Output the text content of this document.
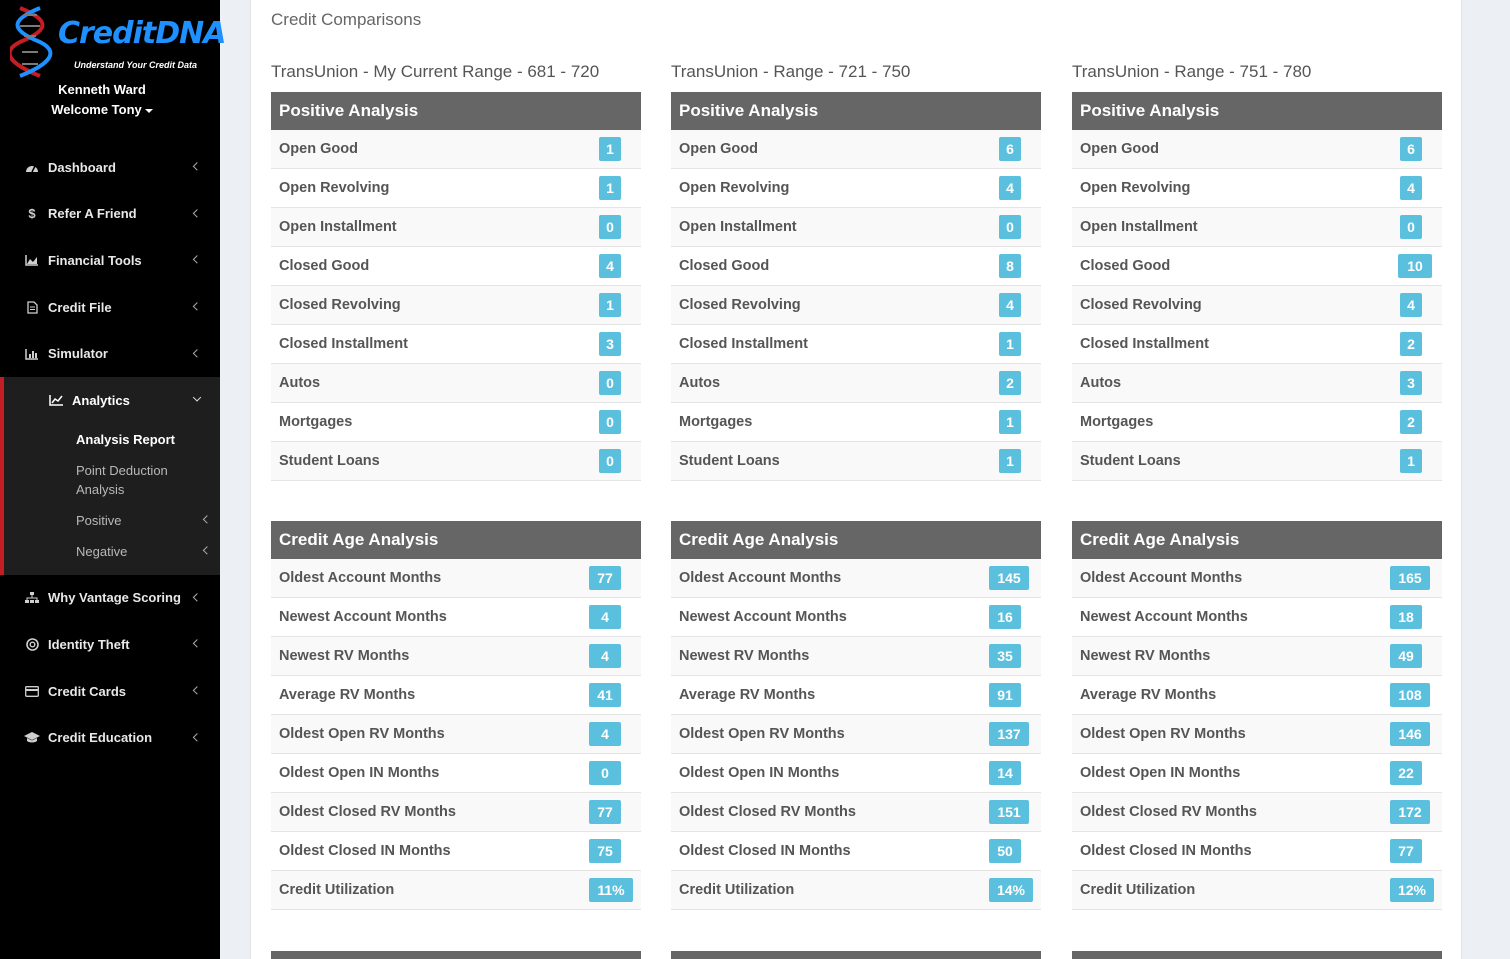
CreditDNA
Understand Your Credit Data
Kenneth Ward
Welcome Tony
Dashboard
$ Refer A Friend
Financial Tools
Credit File
Simulator
Analytics
Analysis Report
Point Deduction Analysis
Positive
Negative
Why Vantage Scoring
Identity Theft
Credit Cards
Credit Education
Credit Comparisons
TransUnion - My Current Range - 681 - 720
Positive Analysis
Open Good	1
Open Revolving	1
Open Installment	0
Closed Good	4
Closed Revolving	1
Closed Installment	3
Autos	0
Mortgages	0
Student Loans	0
Credit Age Analysis
Oldest Account Months	77
Newest Account Months	4
Newest RV Months	4
Average RV Months	41
Oldest Open RV Months	4
Oldest Open IN Months	0
Oldest Closed RV Months	77
Oldest Closed IN Months	75
Credit Utilization	11%
TransUnion - Range - 721 - 750
Positive Analysis
Open Good	6
Open Revolving	4
Open Installment	0
Closed Good	8
Closed Revolving	4
Closed Installment	1
Autos	2
Mortgages	1
Student Loans	1
Credit Age Analysis
Oldest Account Months	145
Newest Account Months	16
Newest RV Months	35
Average RV Months	91
Oldest Open RV Months	137
Oldest Open IN Months	14
Oldest Closed RV Months	151
Oldest Closed IN Months	50
Credit Utilization	14%
TransUnion - Range - 751 - 780
Positive Analysis
Open Good	6
Open Revolving	4
Open Installment	0
Closed Good	10
Closed Revolving	4
Closed Installment	2
Autos	3
Mortgages	2
Student Loans	1
Credit Age Analysis
Oldest Account Months	165
Newest Account Months	18
Newest RV Months	49
Average RV Months	108
Oldest Open RV Months	146
Oldest Open IN Months	22
Oldest Closed RV Months	172
Oldest Closed IN Months	77
Credit Utilization	12%
